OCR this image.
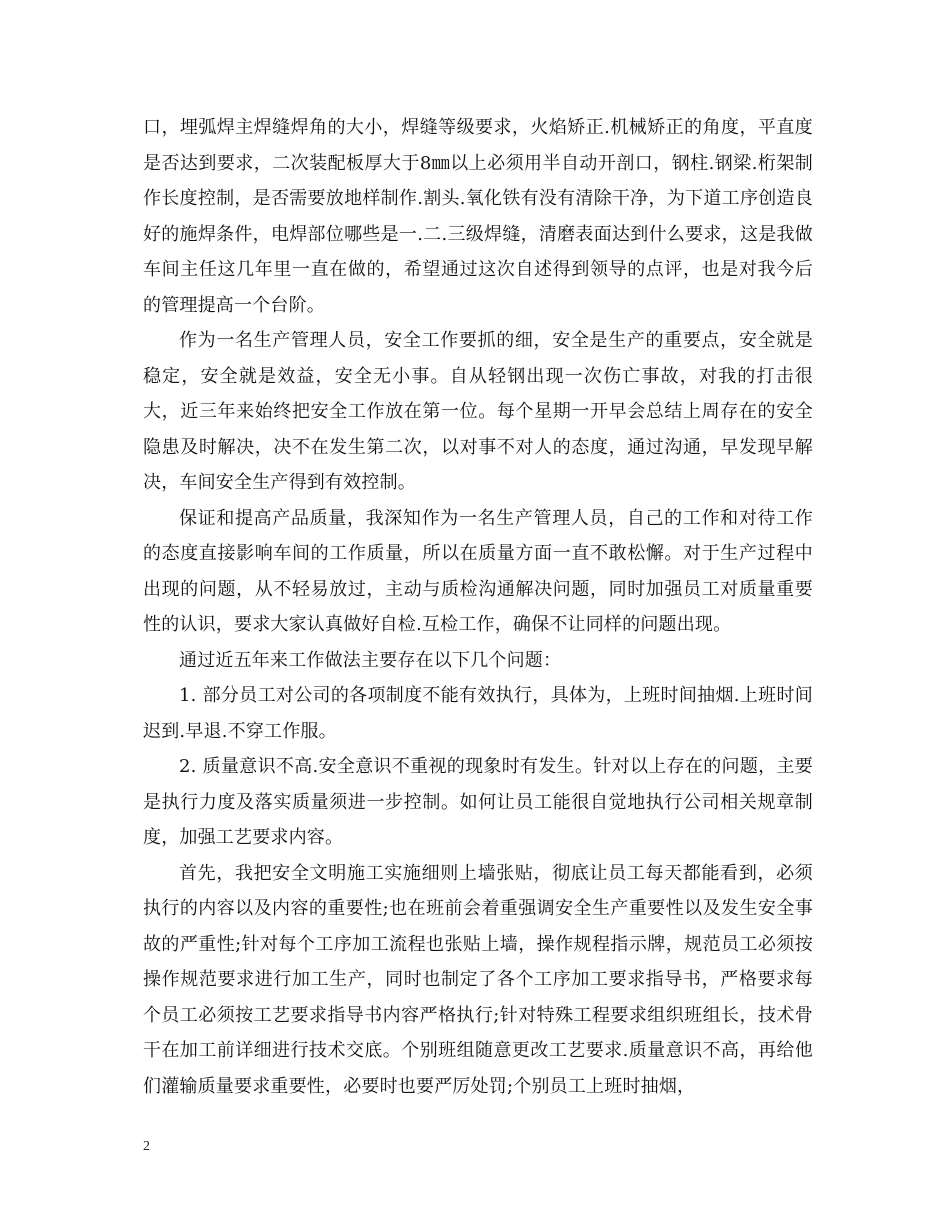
口，埋弧焊主焊缝焊角的大小，焊缝等级要求，火焰矫正.机械矫正的角度，平直度是否达到要求，二次装配板厚大于8㎜以上必须用半自动开剖口，钢柱.钢梁.桁架制作长度控制，是否需要放地样制作.割头.氧化铁有没有清除干净，为下道工序创造良好的施焊条件，电焊部位哪些是一.二.三级焊缝，清磨表面达到什么要求，这是我做车间主任这几年里一直在做的，希望通过这次自述得到领导的点评，也是对我今后的管理提高一个台阶。

作为一名生产管理人员，安全工作要抓的细，安全是生产的重要点，安全就是稳定，安全就是效益，安全无小事。自从轻钢出现一次伤亡事故，对我的打击很大，近三年来始终把安全工作放在第一位。每个星期一开早会总结上周存在的安全隐患及时解决，决不在发生第二次，以对事不对人的态度，通过沟通，早发现早解决，车间安全生产得到有效控制。

保证和提高产品质量，我深知作为一名生产管理人员，自己的工作和对待工作的态度直接影响车间的工作质量，所以在质量方面一直不敢松懈。对于生产过程中出现的问题，从不轻易放过，主动与质检沟通解决问题，同时加强员工对质量重要性的认识，要求大家认真做好自检.互检工作，确保不让同样的问题出现。

通过近五年来工作做法主要存在以下几个问题：

1. 部分员工对公司的各项制度不能有效执行，具体为，上班时间抽烟.上班时间迟到.早退.不穿工作服。

2. 质量意识不高.安全意识不重视的现象时有发生。针对以上存在的问题，主要是执行力度及落实质量须进一步控制。如何让员工能很自觉地执行公司相关规章制度，加强工艺要求内容。

首先，我把安全文明施工实施细则上墙张贴，彻底让员工每天都能看到，必须执行的内容以及内容的重要性;也在班前会着重强调安全生产重要性以及发生安全事故的严重性;针对每个工序加工流程也张贴上墙，操作规程指示牌，规范员工必须按操作规范要求进行加工生产，同时也制定了各个工序加工要求指导书，严格要求每个员工必须按工艺要求指导书内容严格执行;针对特殊工程要求组织班组长，技术骨干在加工前详细进行技术交底。个别班组随意更改工艺要求.质量意识不高，再给他们灌输质量要求重要性，必要时也要严厉处罚;个别员工上班时抽烟，

2
